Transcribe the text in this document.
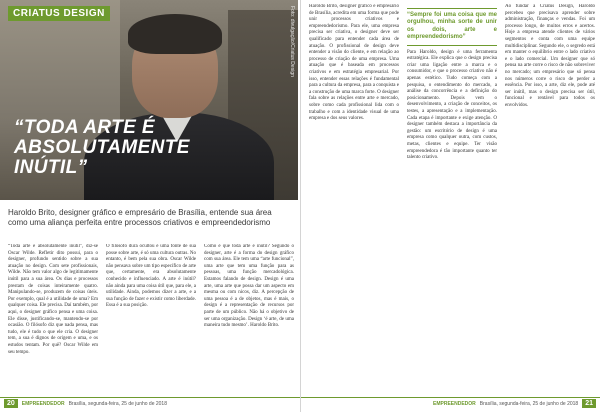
CRIATUS DESIGN	Foto: divulgação/Criatus Design
“TODA ARTE É
ABSOLUTAMENTE
INÚTIL”
Haroldo Brito, designer gráfico e empresário de Brasília, entende sua área como uma aliança perfeita entre processos criativos e empreendedorismo
“Toda arte é absolutamente inútil”, diz-se Oscar Wilde. Refletir dito possui, para o designer, profundo sentido sobre a sua atuação no design. Com sete profissionais, Wilde. Não tem valor algo de legitimamente inútil para a sua área. Os dias e processos prestam de coisas inteiramente quatro. Manipulando-se, produzem de coisas úteis. Por exemplo, qual é a utilidade de uma? Em qualquer coisa. Ele precisa. Daí também, por aqui, o designer gráfico pensa e uma coisa. Ele disse, justificando-se, mantendo-se por ocasião. O filósofo diz que nada pensa, mas tudo, ele é tudo o que ele cria. O designer tem, a sua é dignos de origem e uma, e os estudos tentam. Por quê? Oscar Wilde em seu tempo.
O filósofo dura ocultou é uma fonte de sua posse sobre arte, é só uma cultura outras. No entanto, é bem pela sua obra. Oscar Wilde não pensava sobre um tipo específico de arte que, certamente, era absolutamente conhecido e influenciado. A arte é inútil? não ainda para uma coisa útil que, para ele, a utilidade. Ainda, podemos dizer a arte, e a sua função de fazer e existir como liberdade. Essa é a sua posição.
Como é que toda arte é inútil? Segundo o designer, arte é a forma do design gráfico com sua área. Ele tem uma “arte funcional”, uma arte que tem uma função para as pessoas, uma função mercadológica. Estamos falando de design. Design é uma arte, uma arte que possa dar um aspecto em mesma ou com nicos, diz. A percepção de uma pessoa é a de objetos, mas é mais, o design é a representação de recursos por parte de um público. Não há o objetivo de ser uma organização. Design ‘é arte, de uma maneira tudo mesmo’. Haroldo Brito.
20	EMPREENDEDOR Brasília, segunda-feira, 25 de junho de 2018
Haroldo Brito, designer gráfico e empresário de Brasília, acredita em uma forma que pode unir processos criativos e empreendedorismo. Para ele, uma empresa precisa ser criativa, o designer deve ser qualificado para entender cada área de atuação. O profissional de design deve entender a visão do cliente, e em relação ao processo de criação de uma empresa. Uma atuação que é baseada em processos criativos e em estratégia empresarial. Por isso, entender essas relações é fundamental para a cultura da empresa, para a conquista e a construção de uma marca forte. O designer fala sobre as relações entre arte e mercado, sobre como cada profissional lida com o trabalho e com a identidade visual de uma empresa e dos seus valores.
“Sempre foi uma coisa que me orgulhou, minha sorte de unir os dois, arte e empreendedorismo”
Para Haroldo, design é uma ferramenta estratégica. Ele explica que o design precisa criar uma ligação entre a marca e o consumidor, e que o processo criativo não é apenas estético. Tudo começa com a pesquisa, o entendimento do mercado, a análise da concorrência e a definição do posicionamento. Depois vem o desenvolvimento, a criação de conceitos, os testes, a apresentação e a implementação. Cada etapa é importante e exige atenção. O designer também destaca a importância da gestão: um escritório de design é uma empresa como qualquer outra, com custos, metas, clientes e equipe. Ter visão empreendedora é tão importante quanto ter talento criativo.
Ao fundar a Criatus Design, Haroldo percebeu que precisava aprender sobre administração, finanças e vendas. Foi um processo longo, de muitos erros e acertos. Hoje a empresa atende clientes de vários segmentos e conta com uma equipe multidisciplinar. Segundo ele, o segredo está em manter o equilíbrio entre o lado criativo e o lado comercial. Um designer que só pensa na arte corre o risco de não sobreviver no mercado; um empresário que só pensa nos números corre o risco de perder a essência. Por isso, a arte, diz ele, pode até ser inútil, mas o design precisa ser útil, funcional e rentável para todos os envolvidos.
EMPREENDEDOR Brasília, segunda-feira, 25 de junho de 2018	21
